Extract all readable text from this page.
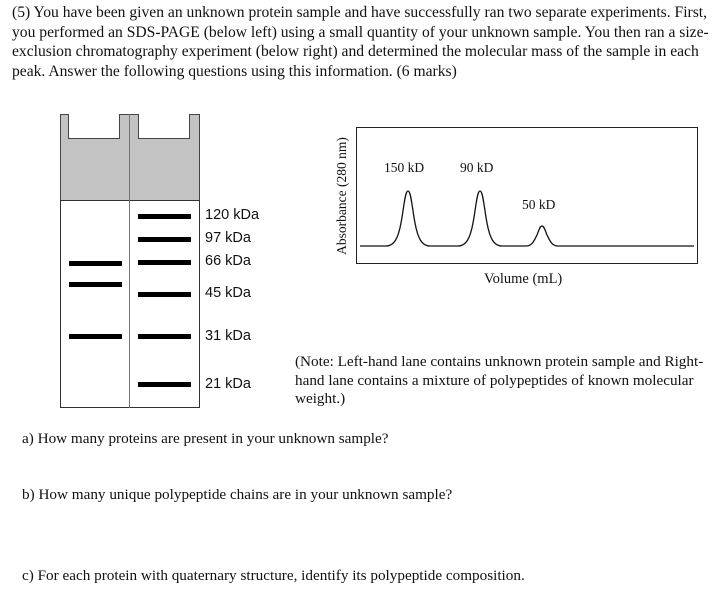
(5) You have been given an unknown protein sample and have successfully ran two separate experiments. First, you performed an SDS-PAGE (below left) using a small quantity of your unknown sample. You then ran a size-exclusion chromatography experiment (below right) and determined the molecular mass of the sample in each peak. Answer the following questions using this information. (6 marks)

120 kDa
97 kDa
66 kDa
45 kDa
31 kDa
21 kDa
Absorbance (280 nm)	150 kD	90 kD
50 kD
Volume (mL)

(Note: Left-hand lane contains unknown protein sample and Right-hand lane contains a mixture of polypeptides of known molecular weight.)

a) How many proteins are present in your unknown sample?

b) How many unique polypeptide chains are in your unknown sample?

c) For each protein with quaternary structure, identify its polypeptide composition.
